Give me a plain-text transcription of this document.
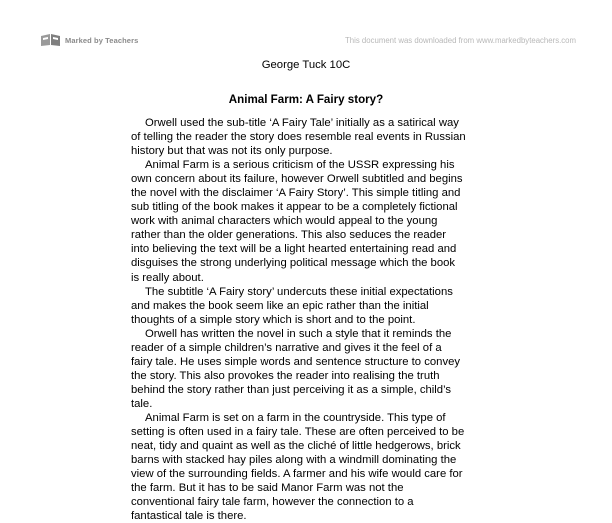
Marked by Teachers	This document was downloaded from www.markedbyteachers.com
George Tuck 10C
Animal Farm: A Fairy story?

Orwell used the sub-title ‘A Fairy Tale’ initially as a satirical way
of telling the reader the story does resemble real events in Russian
history but that was not its only purpose.

Animal Farm is a serious criticism of the USSR expressing his
own concern about its failure, however Orwell subtitled and begins
the novel with the disclaimer ‘A Fairy Story’. This simple titling and
sub titling of the book makes it appear to be a completely fictional
work with animal characters which would appeal to the young
rather than the older generations. This also seduces the reader
into believing the text will be a light hearted entertaining read and
disguises the strong underlying political message which the book
is really about.

The subtitle ‘A Fairy story’ undercuts these initial expectations
and makes the book seem like an epic rather than the initial
thoughts of a simple story which is short and to the point.

Orwell has written the novel in such a style that it reminds the
reader of a simple children’s narrative and gives it the feel of a
fairy tale. He uses simple words and sentence structure to convey
the story. This also provokes the reader into realising the truth
behind the story rather than just perceiving it as a simple, child’s
tale.

Animal Farm is set on a farm in the countryside. This type of
setting is often used in a fairy tale. These are often perceived to be
neat, tidy and quaint as well as the cliché of little hedgerows, brick
barns with stacked hay piles along with a windmill dominating the
view of the surrounding fields. A farmer and his wife would care for
the farm. But it has to be said Manor Farm was not the
conventional fairy tale farm, however the connection to a
fantastical tale is there.
